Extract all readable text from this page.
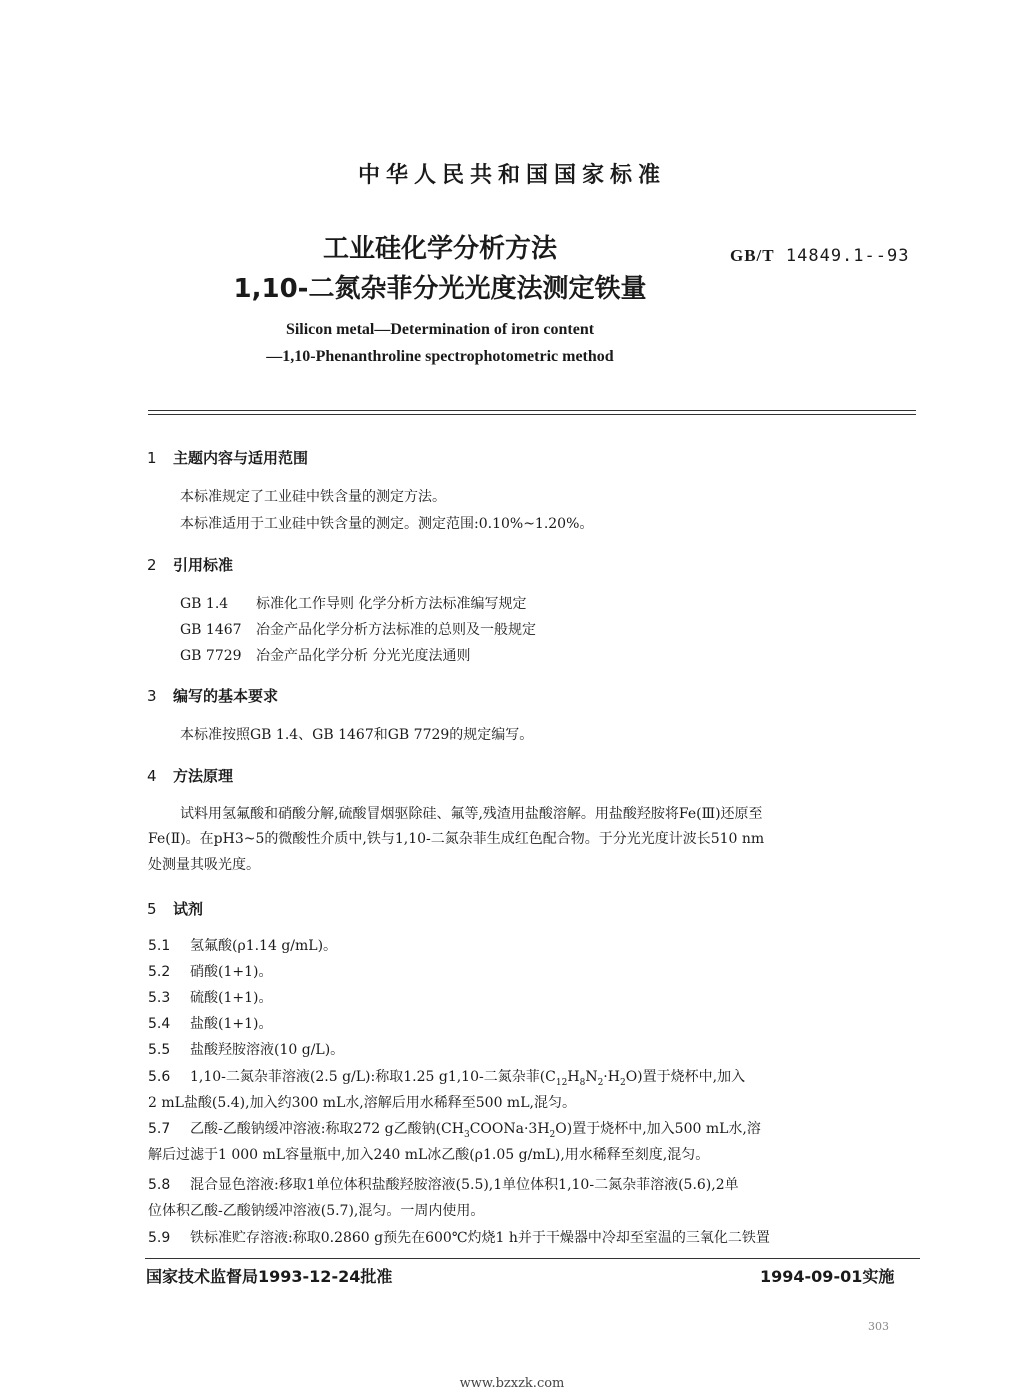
中华人民共和国国家标准
工业硅化学分析方法
1,10-二氮杂菲分光光度法测定铁量
GB/T 14849.1--93
Silicon metal—Determination of iron content
—1,10-Phenanthroline spectrophotometric method
1 主题内容与适用范围
本标准规定了工业硅中铁含量的测定方法。
本标准适用于工业硅中铁含量的测定。测定范围:0.10%~1.20%。
2 引用标准
GB 1.4 标准化工作导则 化学分析方法标准编写规定
GB 1467 冶金产品化学分析方法标准的总则及一般规定
GB 7729 冶金产品化学分析 分光光度法通则
3 编写的基本要求
本标准按照GB 1.4、GB 1467和GB 7729的规定编写。
4 方法原理
试料用氢氟酸和硝酸分解,硫酸冒烟驱除硅、氟等,残渣用盐酸溶解。用盐酸羟胺将Fe(Ⅲ)还原至
Fe(Ⅱ)。在pH3~5的微酸性介质中,铁与1,10-二氮杂菲生成红色配合物。于分光光度计波长510 nm
处测量其吸光度。
5 试剂
5.1 氢氟酸(ρ1.14 g/mL)。
5.2 硝酸(1+1)。
5.3 硫酸(1+1)。
5.4 盐酸(1+1)。
5.5 盐酸羟胺溶液(10 g/L)。
5.6 1,10-二氮杂菲溶液(2.5 g/L):称取1.25 g1,10-二氮杂菲$(C_{12}H_8N_2\cdot H_2O)$置于烧杯中,加入
2 mL盐酸(5.4),加入约300 mL水,溶解后用水稀释至500 mL,混匀。
5.7 乙酸-乙酸钠缓冲溶液:称取272 g乙酸钠$(CH_3COONa\cdot 3H_2O)$置于烧杯中,加入500 mL水,溶
解后过滤于1 000 mL容量瓶中,加入240 mL冰乙酸(ρ1.05 g/mL),用水稀释至刻度,混匀。
5.8 混合显色溶液:移取1单位体积盐酸羟胺溶液(5.5),1单位体积1,10-二氮杂菲溶液(5.6),2单
位体积乙酸-乙酸钠缓冲溶液(5.7),混匀。一周内使用。
5.9 铁标准贮存溶液:称取0.2860 g预先在600℃灼烧1 h并于干燥器中冷却至室温的三氧化二铁置
国家技术监督局1993-12-24批准	1994-09-01实施
303
www.bzxzk.com
